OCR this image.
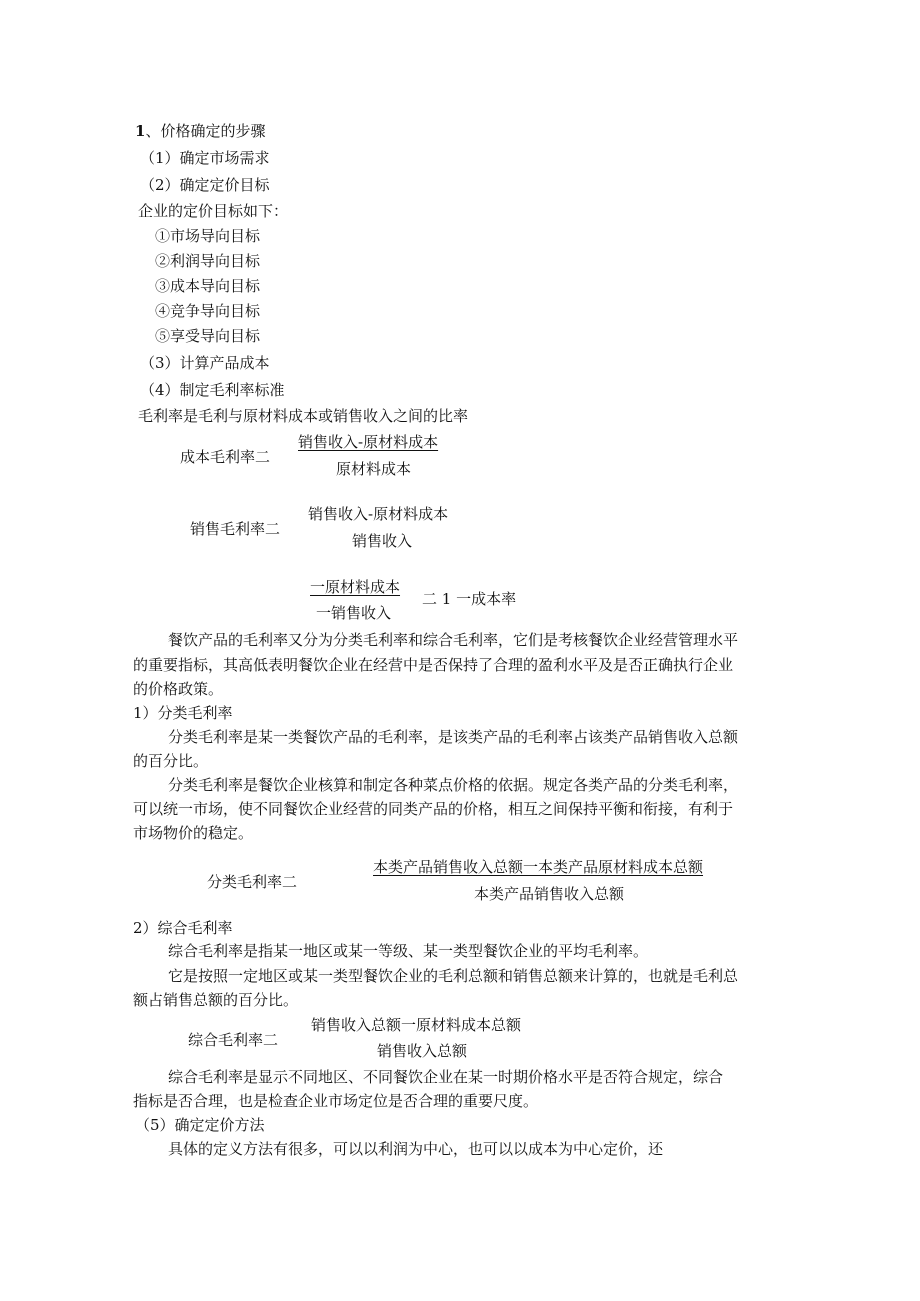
1、价格确定的步骤
（1）确定市场需求
（2）确定定价目标
企业的定价目标如下：
①市场导向目标
②利润导向目标
③成本导向目标
④竞争导向目标
⑤享受导向目标
（3）计算产品成本
（4）制定毛利率标准
毛利率是毛利与原材料成本或销售收入之间的比率
成本毛利率二
销售收入-原材料成本
原材料成本
销售毛利率二
销售收入-原材料成本
销售收入
一原材料成本
一销售收入
二 1 一成本率
餐饮产品的毛利率又分为分类毛利率和综合毛利率，它们是考核餐饮企业经营管理水平
的重要指标，其高低表明餐饮企业在经营中是否保持了合理的盈利水平及是否正确执行企业
的价格政策。
1）分类毛利率
分类毛利率是某一类餐饮产品的毛利率，是该类产品的毛利率占该类产品销售收入总额
的百分比。
分类毛利率是餐饮企业核算和制定各种菜点价格的依据。规定各类产品的分类毛利率，
可以统一市场，使不同餐饮企业经营的同类产品的价格，相互之间保持平衡和衔接，有利于
市场物价的稳定。
分类毛利率二
本类产品销售收入总额一本类产品原材料成本总额
本类产品销售收入总额
2）综合毛利率
综合毛利率是指某一地区或某一等级、某一类型餐饮企业的平均毛利率。
它是按照一定地区或某一类型餐饮企业的毛利总额和销售总额来计算的，也就是毛利总
额占销售总额的百分比。
综合毛利率二
销售收入总额一原材料成本总额
销售收入总额
综合毛利率是显示不同地区、不同餐饮企业在某一时期价格水平是否符合规定，综合
指标是否合理，也是检查企业市场定位是否合理的重要尺度。
（5）确定定价方法
具体的定义方法有很多，可以以利润为中心，也可以以成本为中心定价，还
